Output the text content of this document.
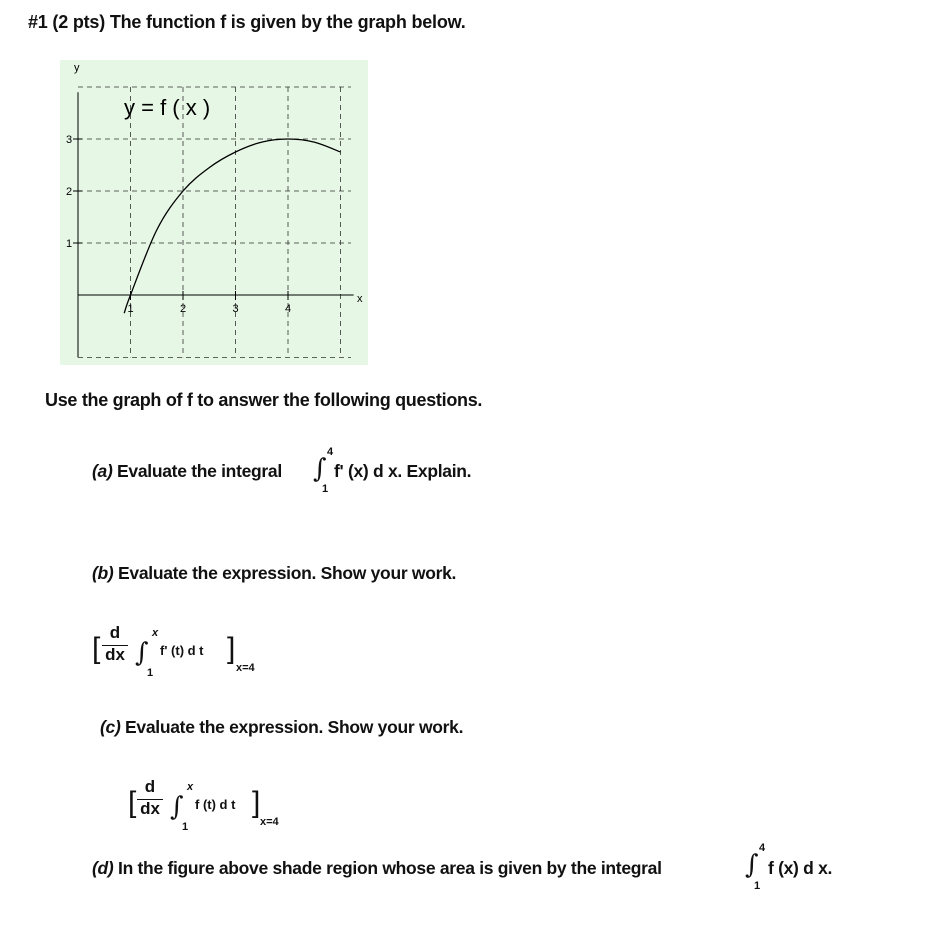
#1 (2 pts) The function f is given by the graph below.
1
2
3
1	2	3	4
y
x
y = f ( x )
Use the graph of f to answer the following questions.
(a) Evaluate the integral ∫
4
1
f' (x) d x. Explain.
(b) Evaluate the expression. Show your work.
[ d
dx ∫
x
1
f' (t) d t ]
x=4
(c) Evaluate the expression. Show your work.
[ d
dx ∫
x
1
f (t) d t ]
x=4
(d) In the figure above shade region whose area is given by the integral	∫
4
1
f (x) d x.
